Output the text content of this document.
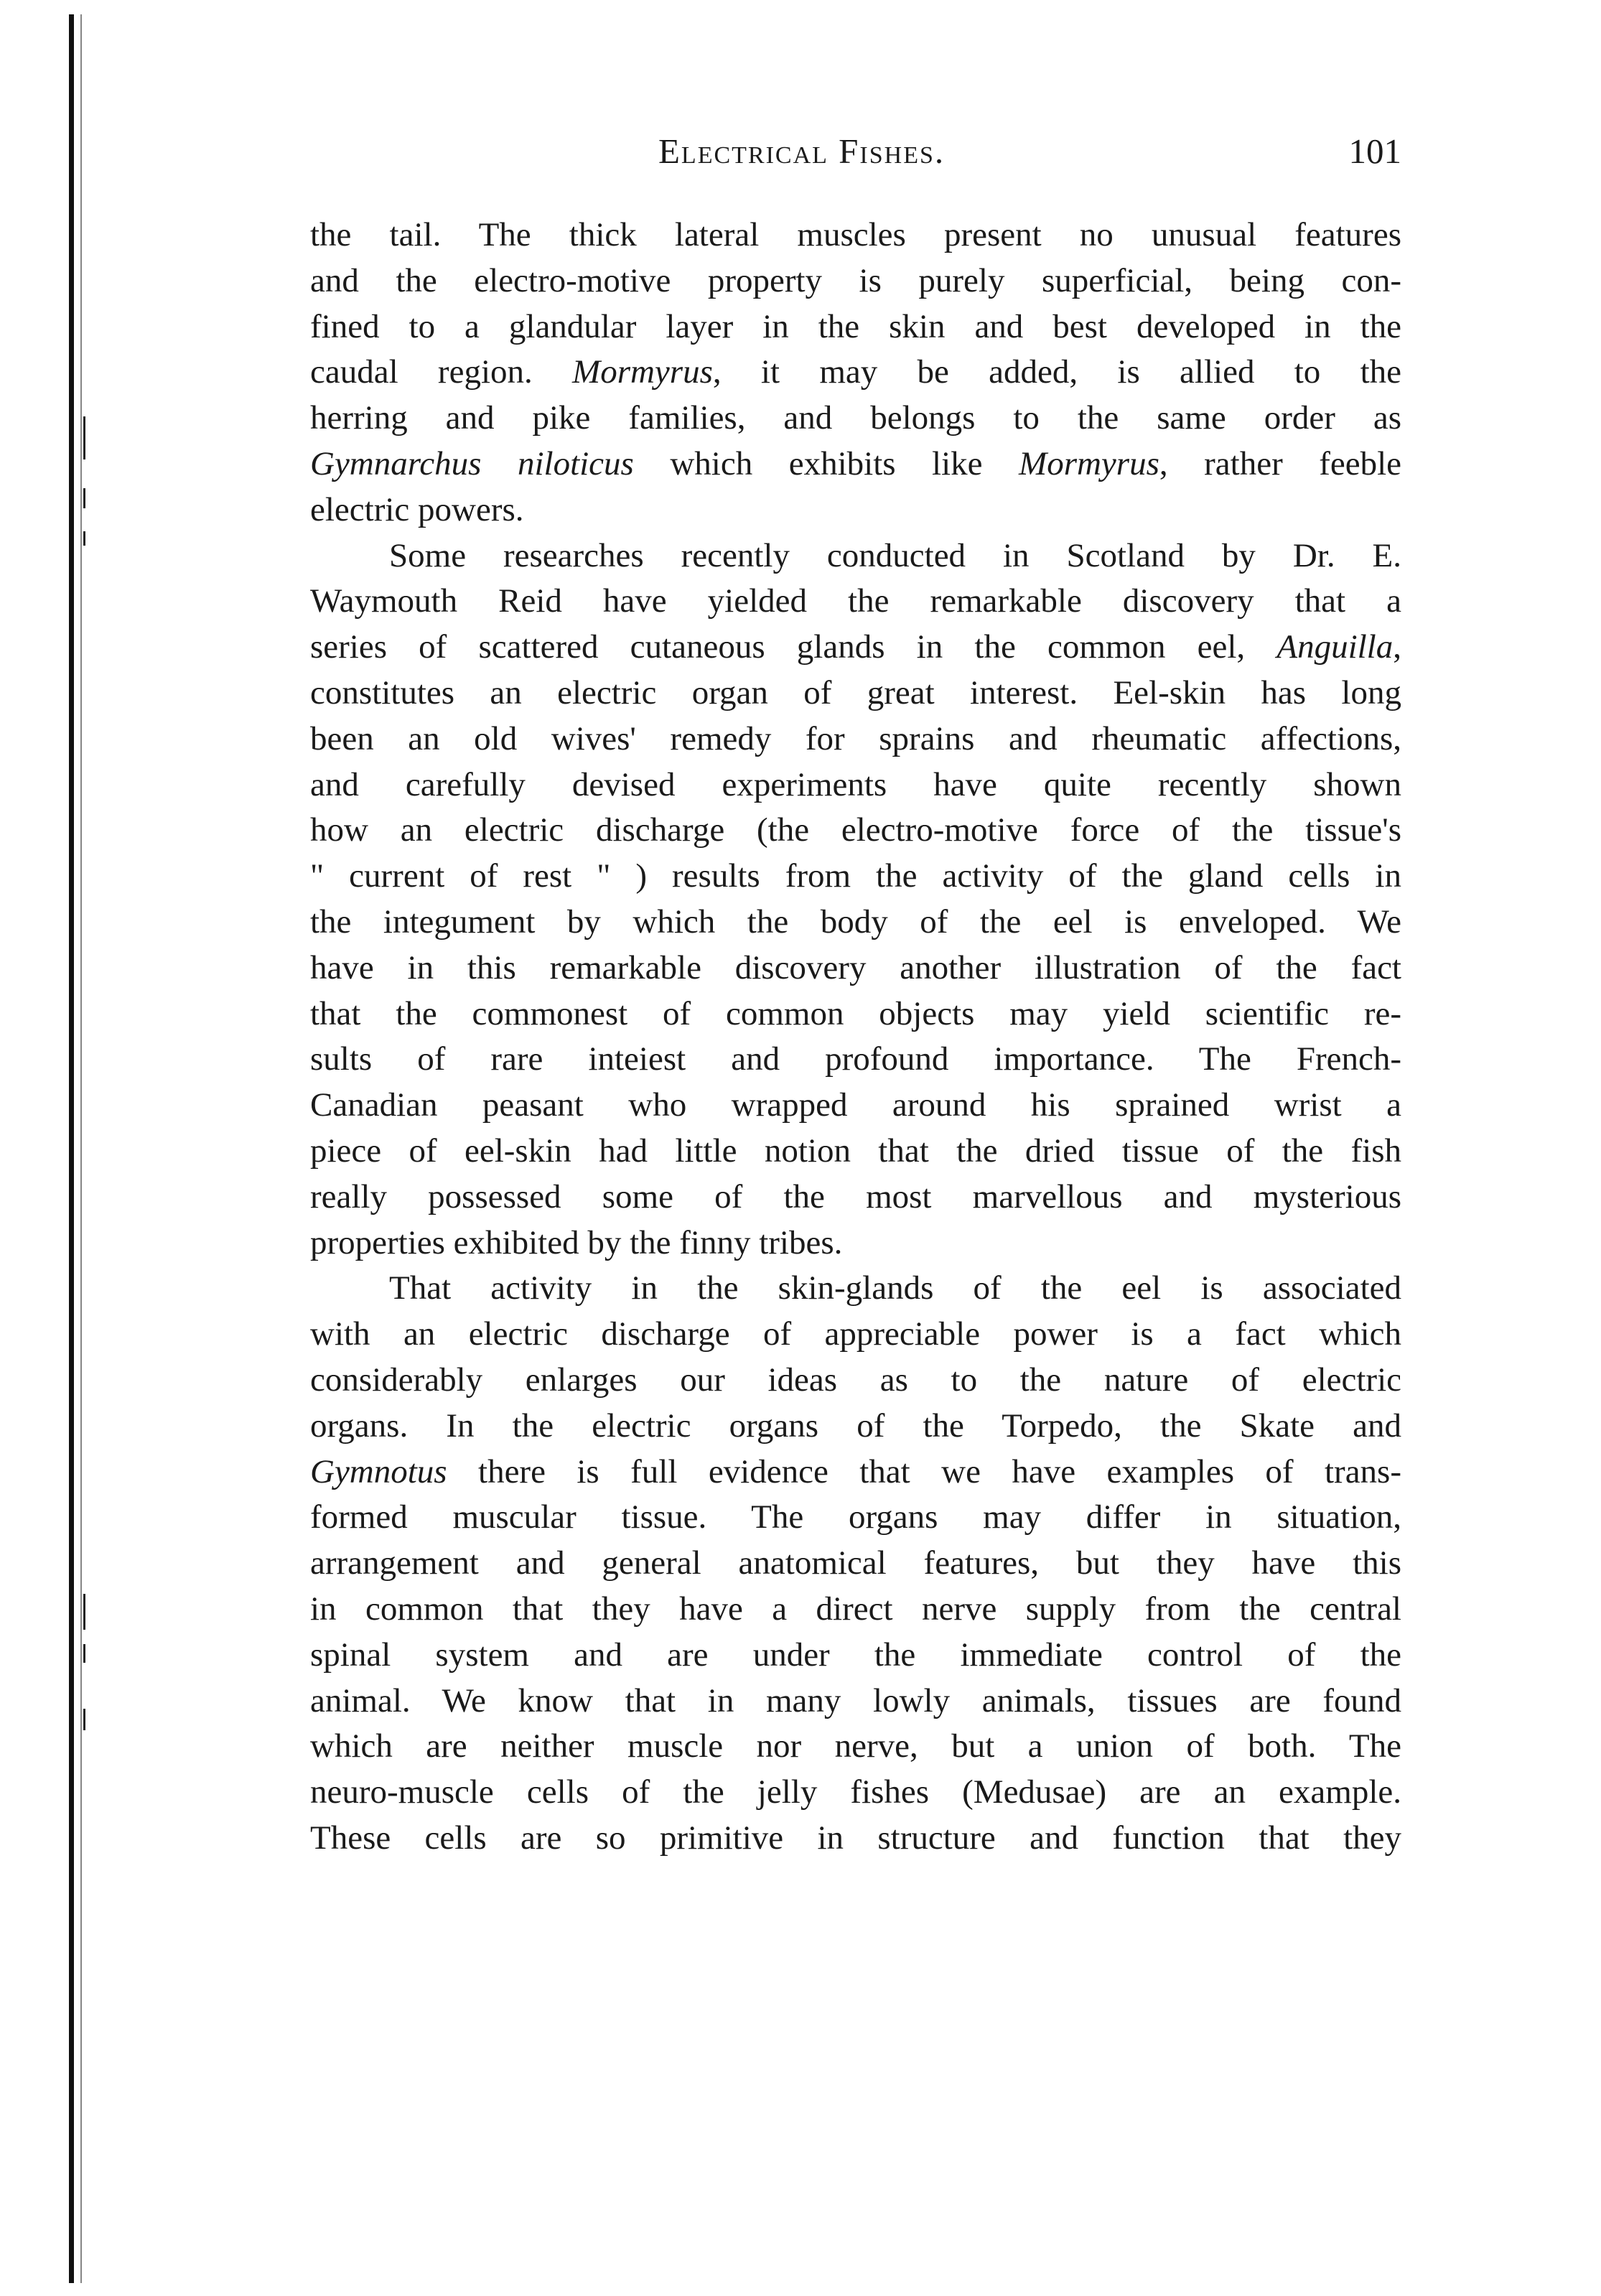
Electrical Fishes.	101
the tail. The thick lateral muscles present no unusual features
and the electro-motive property is purely superficial, being con-
fined to a glandular layer in the skin and best developed in the
caudal region. Mormyrus, it may be added, is allied to the
herring and pike families, and belongs to the same order as
Gymnarchus niloticus which exhibits like Mormyrus, rather feeble
electric powers.
Some researches recently conducted in Scotland by Dr. E.
Waymouth Reid have yielded the remarkable discovery that a
series of scattered cutaneous glands in the common eel, Anguilla,
constitutes an electric organ of great interest. Eel-skin has long
been an old wives' remedy for sprains and rheumatic affections,
and carefully devised experiments have quite recently shown
how an electric discharge (the electro-motive force of the tissue's
" current of rest " ) results from the activity of the gland cells in
the integument by which the body of the eel is enveloped. We
have in this remarkable discovery another illustration of the fact
that the commonest of common objects may yield scientific re-
sults of rare inteiest and profound importance. The French-
Canadian peasant who wrapped around his sprained wrist a
piece of eel-skin had little notion that the dried tissue of the fish
really possessed some of the most marvellous and mysterious
properties exhibited by the finny tribes.
That activity in the skin-glands of the eel is associated
with an electric discharge of appreciable power is a fact which
considerably enlarges our ideas as to the nature of electric
organs. In the electric organs of the Torpedo, the Skate and
Gymnotus there is full evidence that we have examples of trans-
formed muscular tissue. The organs may differ in situation,
arrangement and general anatomical features, but they have this
in common that they have a direct nerve supply from the central
spinal system and are under the immediate control of the
animal. We know that in many lowly animals, tissues are found
which are neither muscle nor nerve, but a union of both. The
neuro-muscle cells of the jelly fishes (Medusae) are an example.
These cells are so primitive in structure and function that they
